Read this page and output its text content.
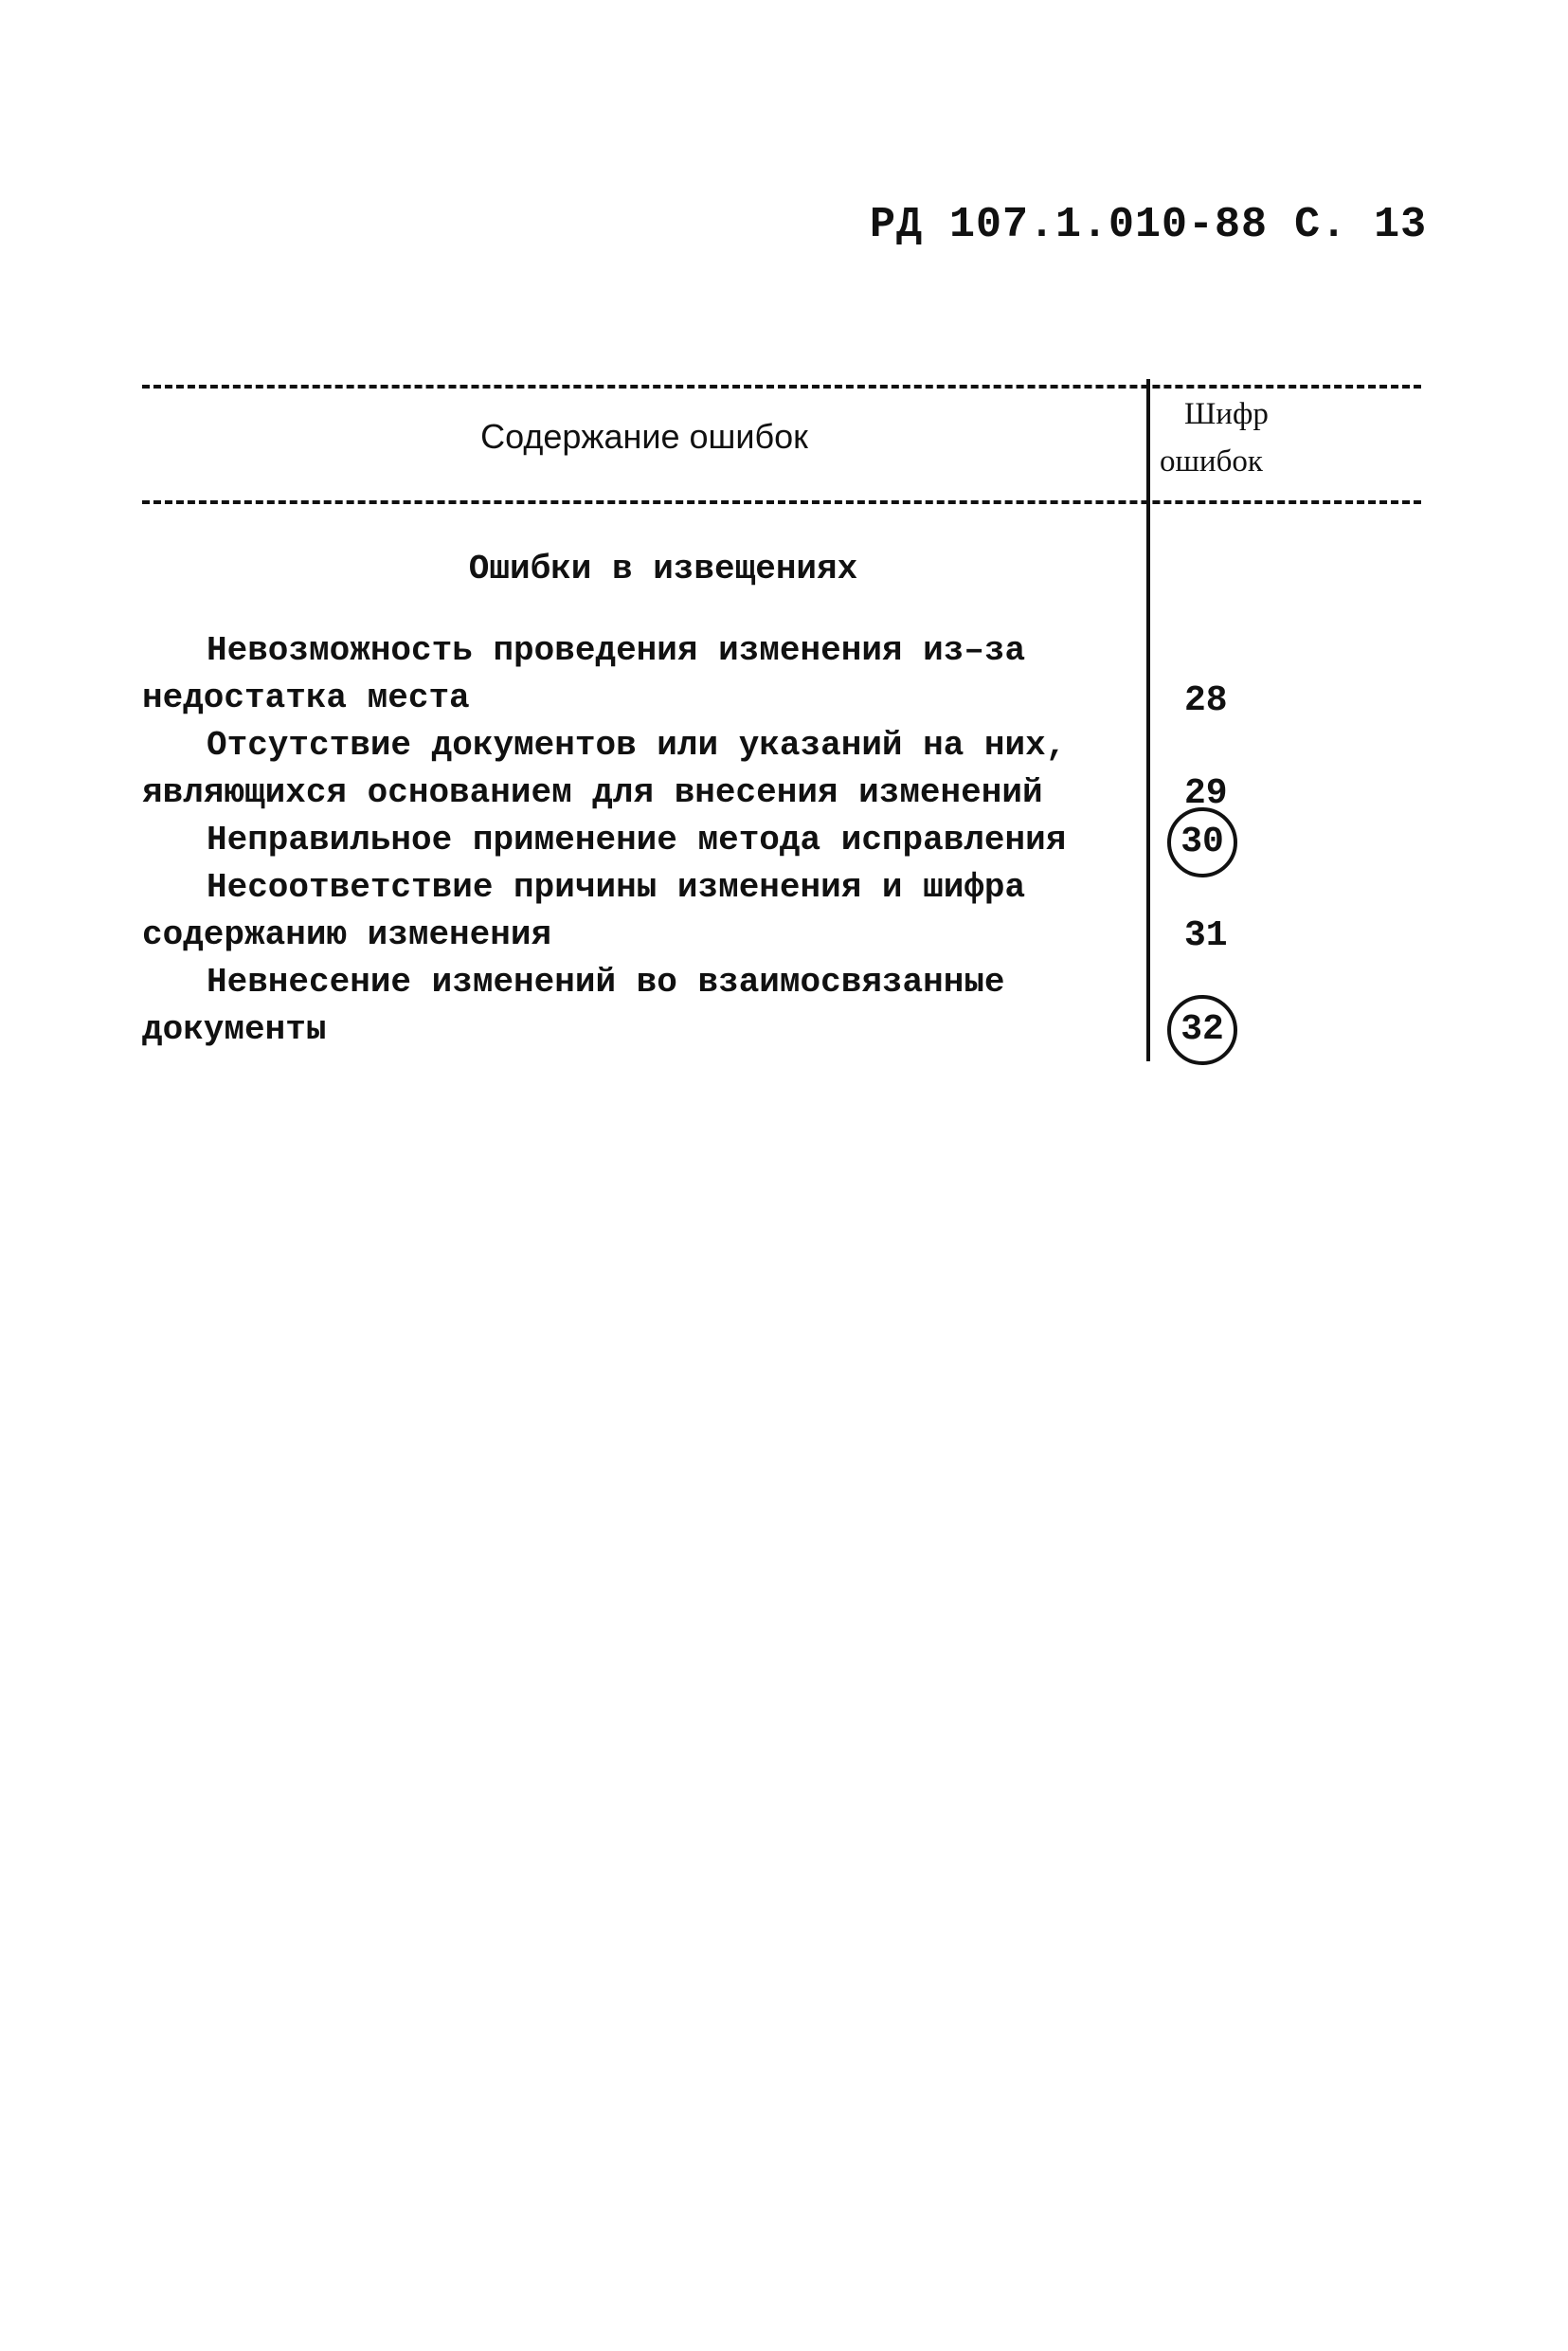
РД 107.1.010-88 С. 13
Содержание ошибок
Шифр
ошибок
Ошибки в извещениях
Невозможность проведения изменения из–за
недостатка места	28
Отсутствие документов или указаний на них,
являющихся основанием для внесения изменений	29
Неправильное применение метода исправления	30
Несоответствие причины изменения и шифра
содержанию изменения	31
Невнесение изменений во взаимосвязанные
документы	32
